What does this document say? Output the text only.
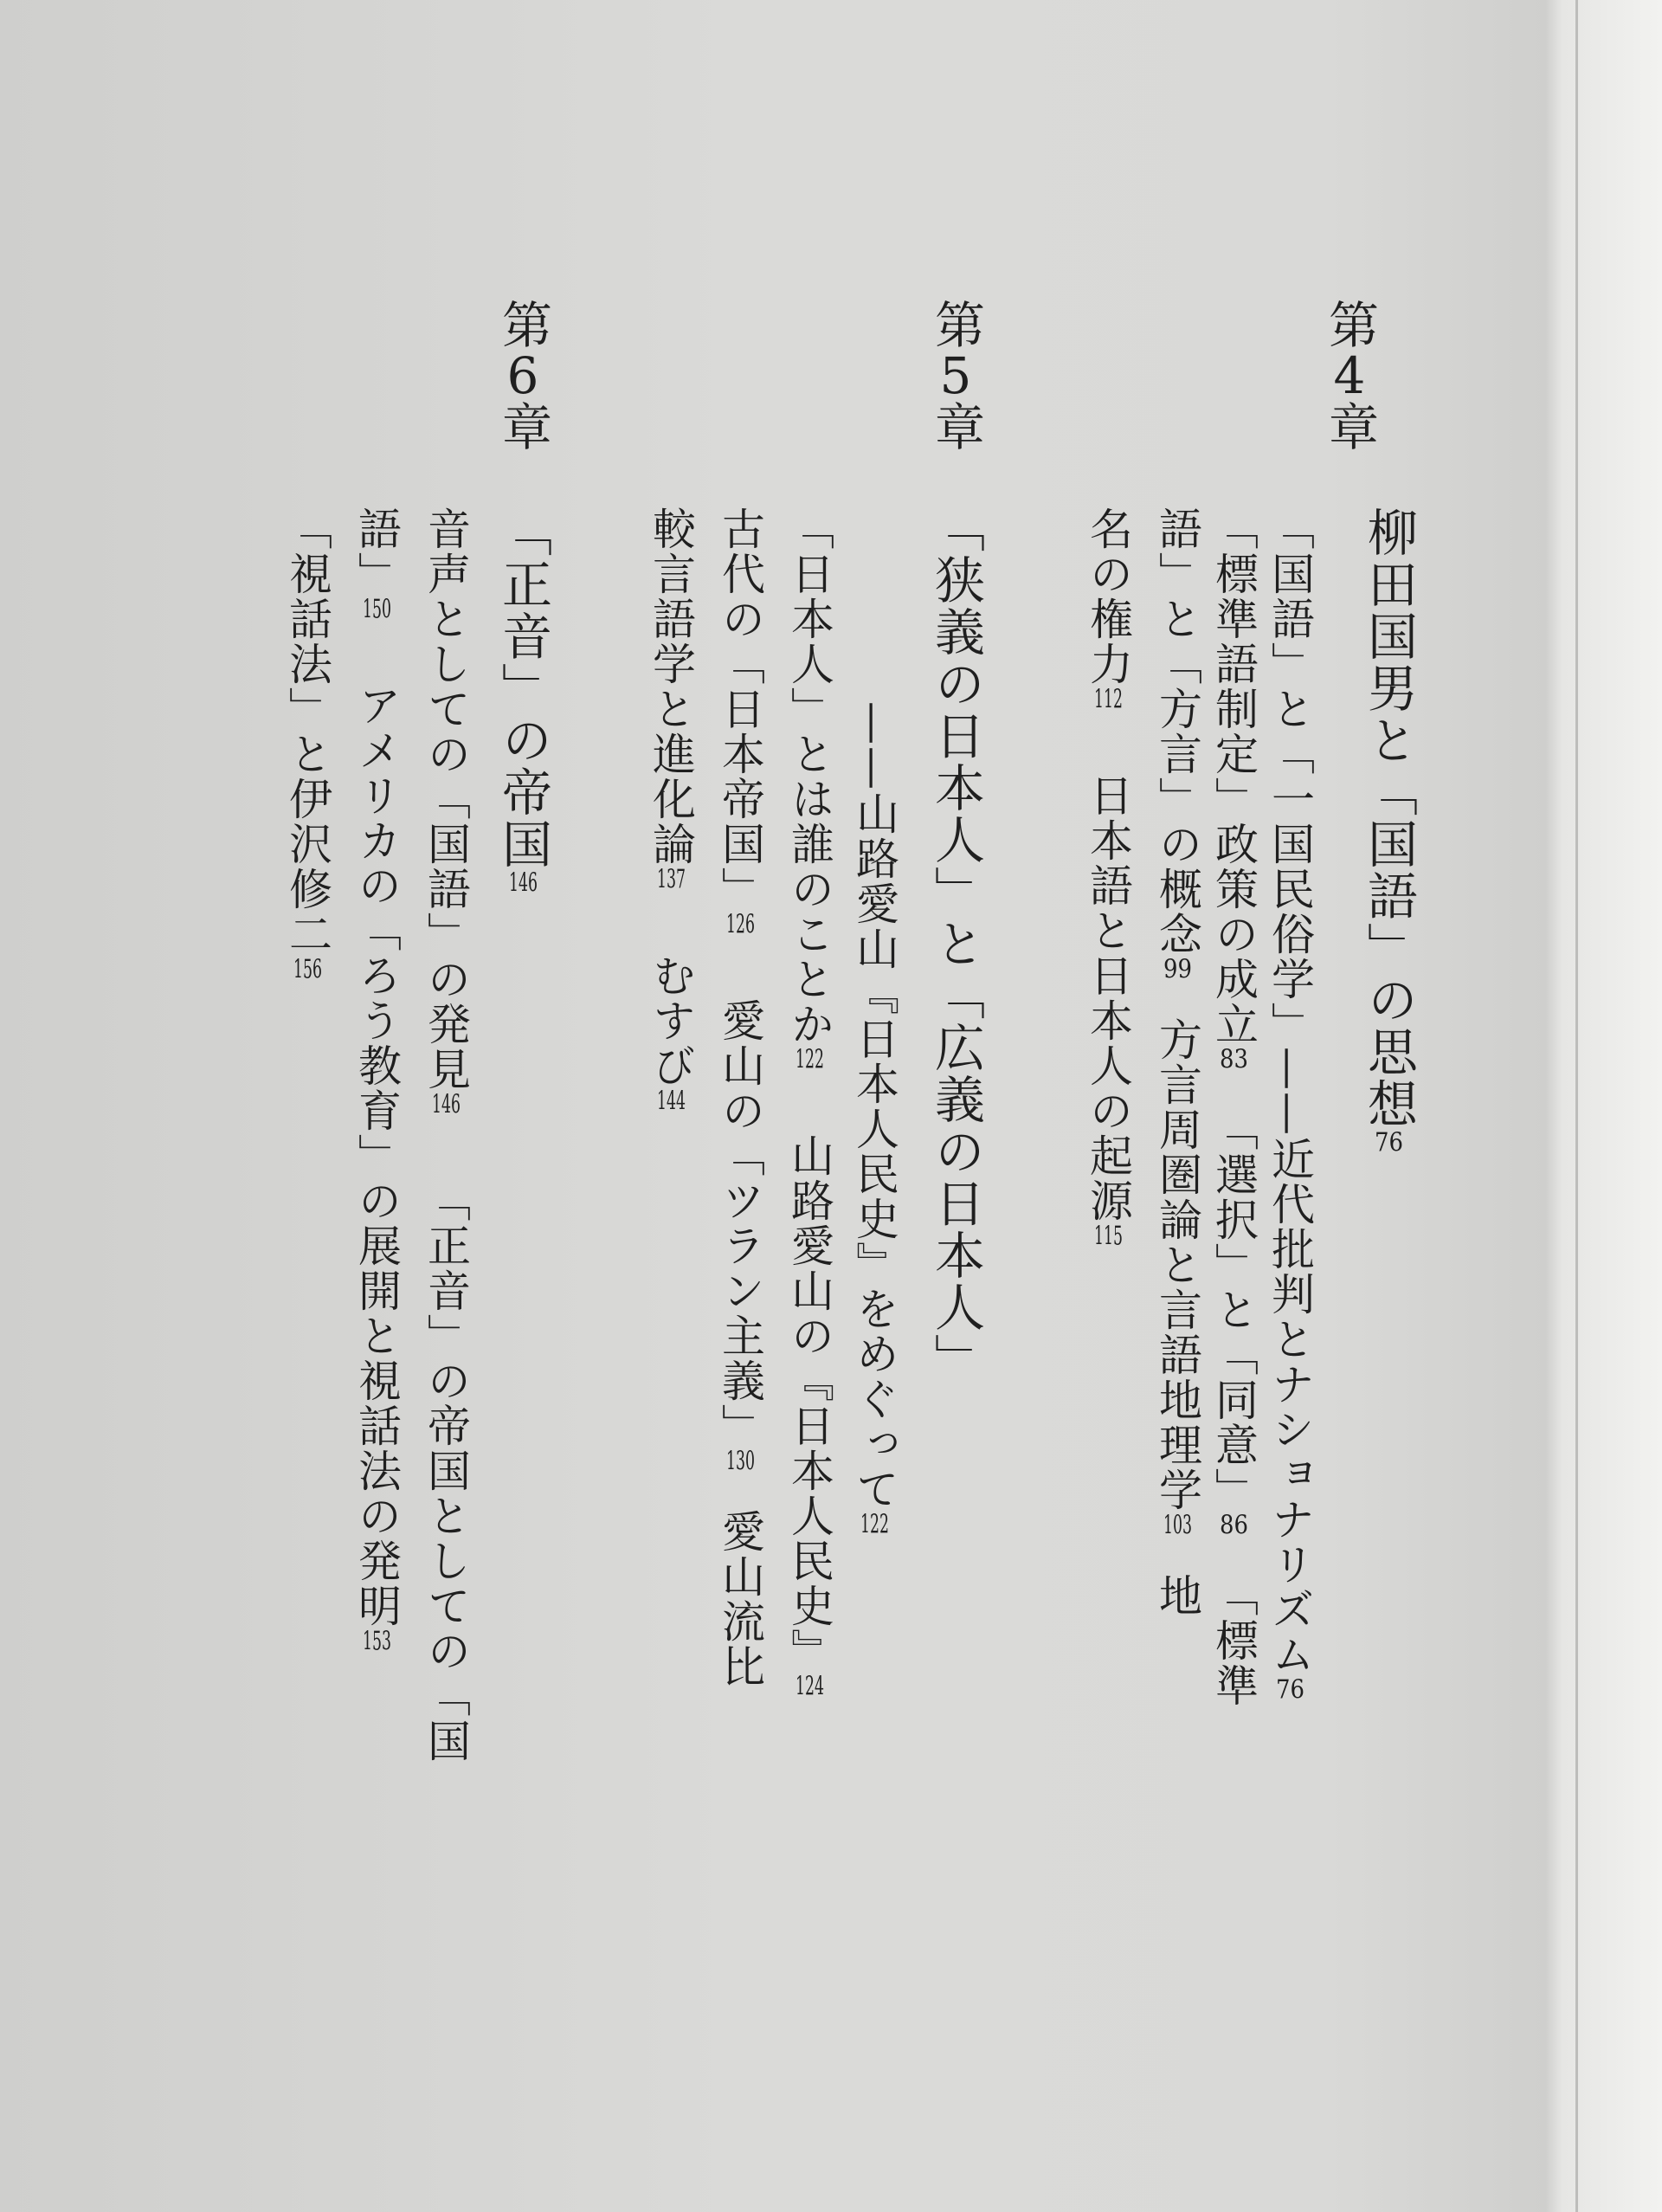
第4章
柳田国男と「国語」の思想76
「国語」と「一国民俗学」——近代批判とナショナリズム76
「標準語制定」政策の成立83「選択」と「同意」86「標準
語」と「方言」の概念99方言周圏論と言語地理学103地
名の権力112日本語と日本人の起源115
第5章
「狭義の日本人」と「広義の日本人」
——山路愛山『日本人民史』をめぐって122
「日本人」とは誰のことか122山路愛山の『日本人民史』124
古代の「日本帝国」126愛山の「ツラン主義」130愛山流比
較言語学と進化論137むすび144
第6章
「正音」の帝国146
音声としての「国語」の発見146「正音」の帝国としての「国
語」150アメリカの「ろう教育」の展開と視話法の発明153
「視話法」と伊沢修二156
